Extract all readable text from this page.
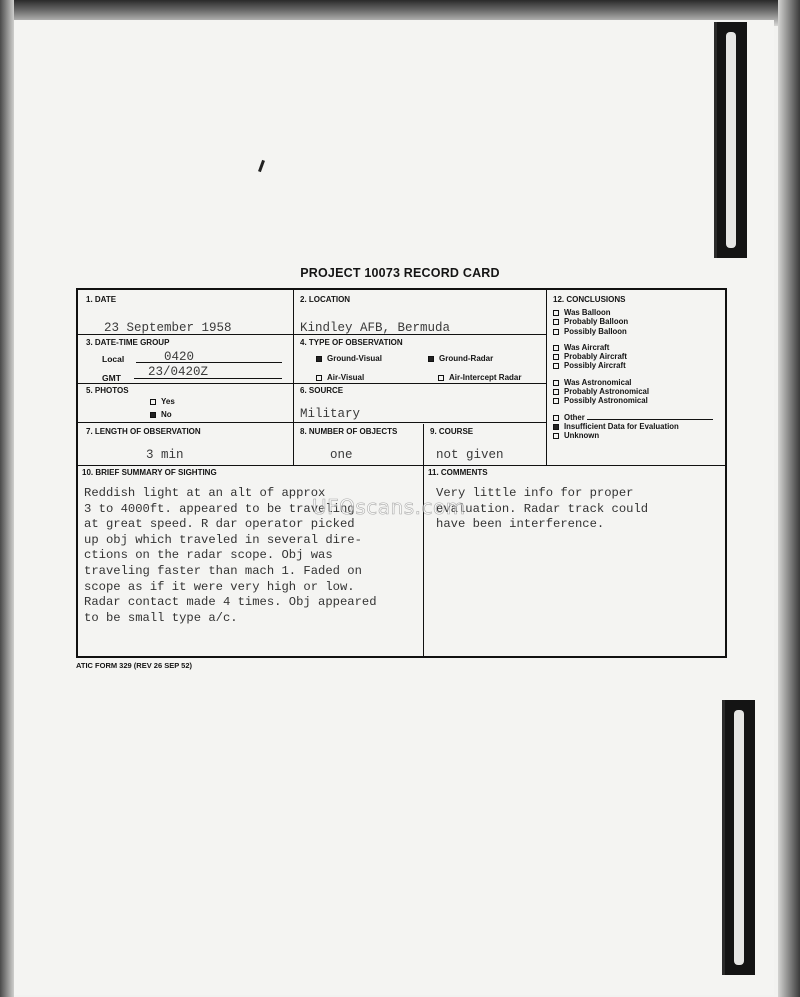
PROJECT 10073 RECORD CARD
1. DATE
23 September 1958
2. LOCATION
Kindley AFB, Bermuda
3. DATE-TIME GROUP
Local	0420
GMT 23/0420Z
4. TYPE OF OBSERVATION
Ground-Visual	Ground-Radar
Air-Visual	Air-Intercept Radar
5. PHOTOS
Yes
No
6. SOURCE
Military
7. LENGTH OF OBSERVATION
3 min
8. NUMBER OF OBJECTS
one
9. COURSE
not given
12. CONCLUSIONS
Was Balloon
Probably Balloon
Possibly Balloon
Was Aircraft
Probably Aircraft
Possibly Aircraft
Was Astronomical
Probably Astronomical
Possibly Astronomical
Other
Insufficient Data for Evaluation
Unknown
10. BRIEF SUMMARY OF SIGHTING
Reddish light at an alt of approx
3 to 4000ft. appeared to be traveling
at great speed. R dar operator picked
up obj which traveled in several dire-
ctions on the radar scope. Obj was
traveling faster than mach 1. Faded on
scope as if it were very high or low.
Radar contact made 4 times. Obj appeared
to be small type a/c.
11. COMMENTS
Very little info for proper
evaluation. Radar track could
have been interference.
UFOscans.com
ATIC FORM 329 (REV 26 SEP 52)
